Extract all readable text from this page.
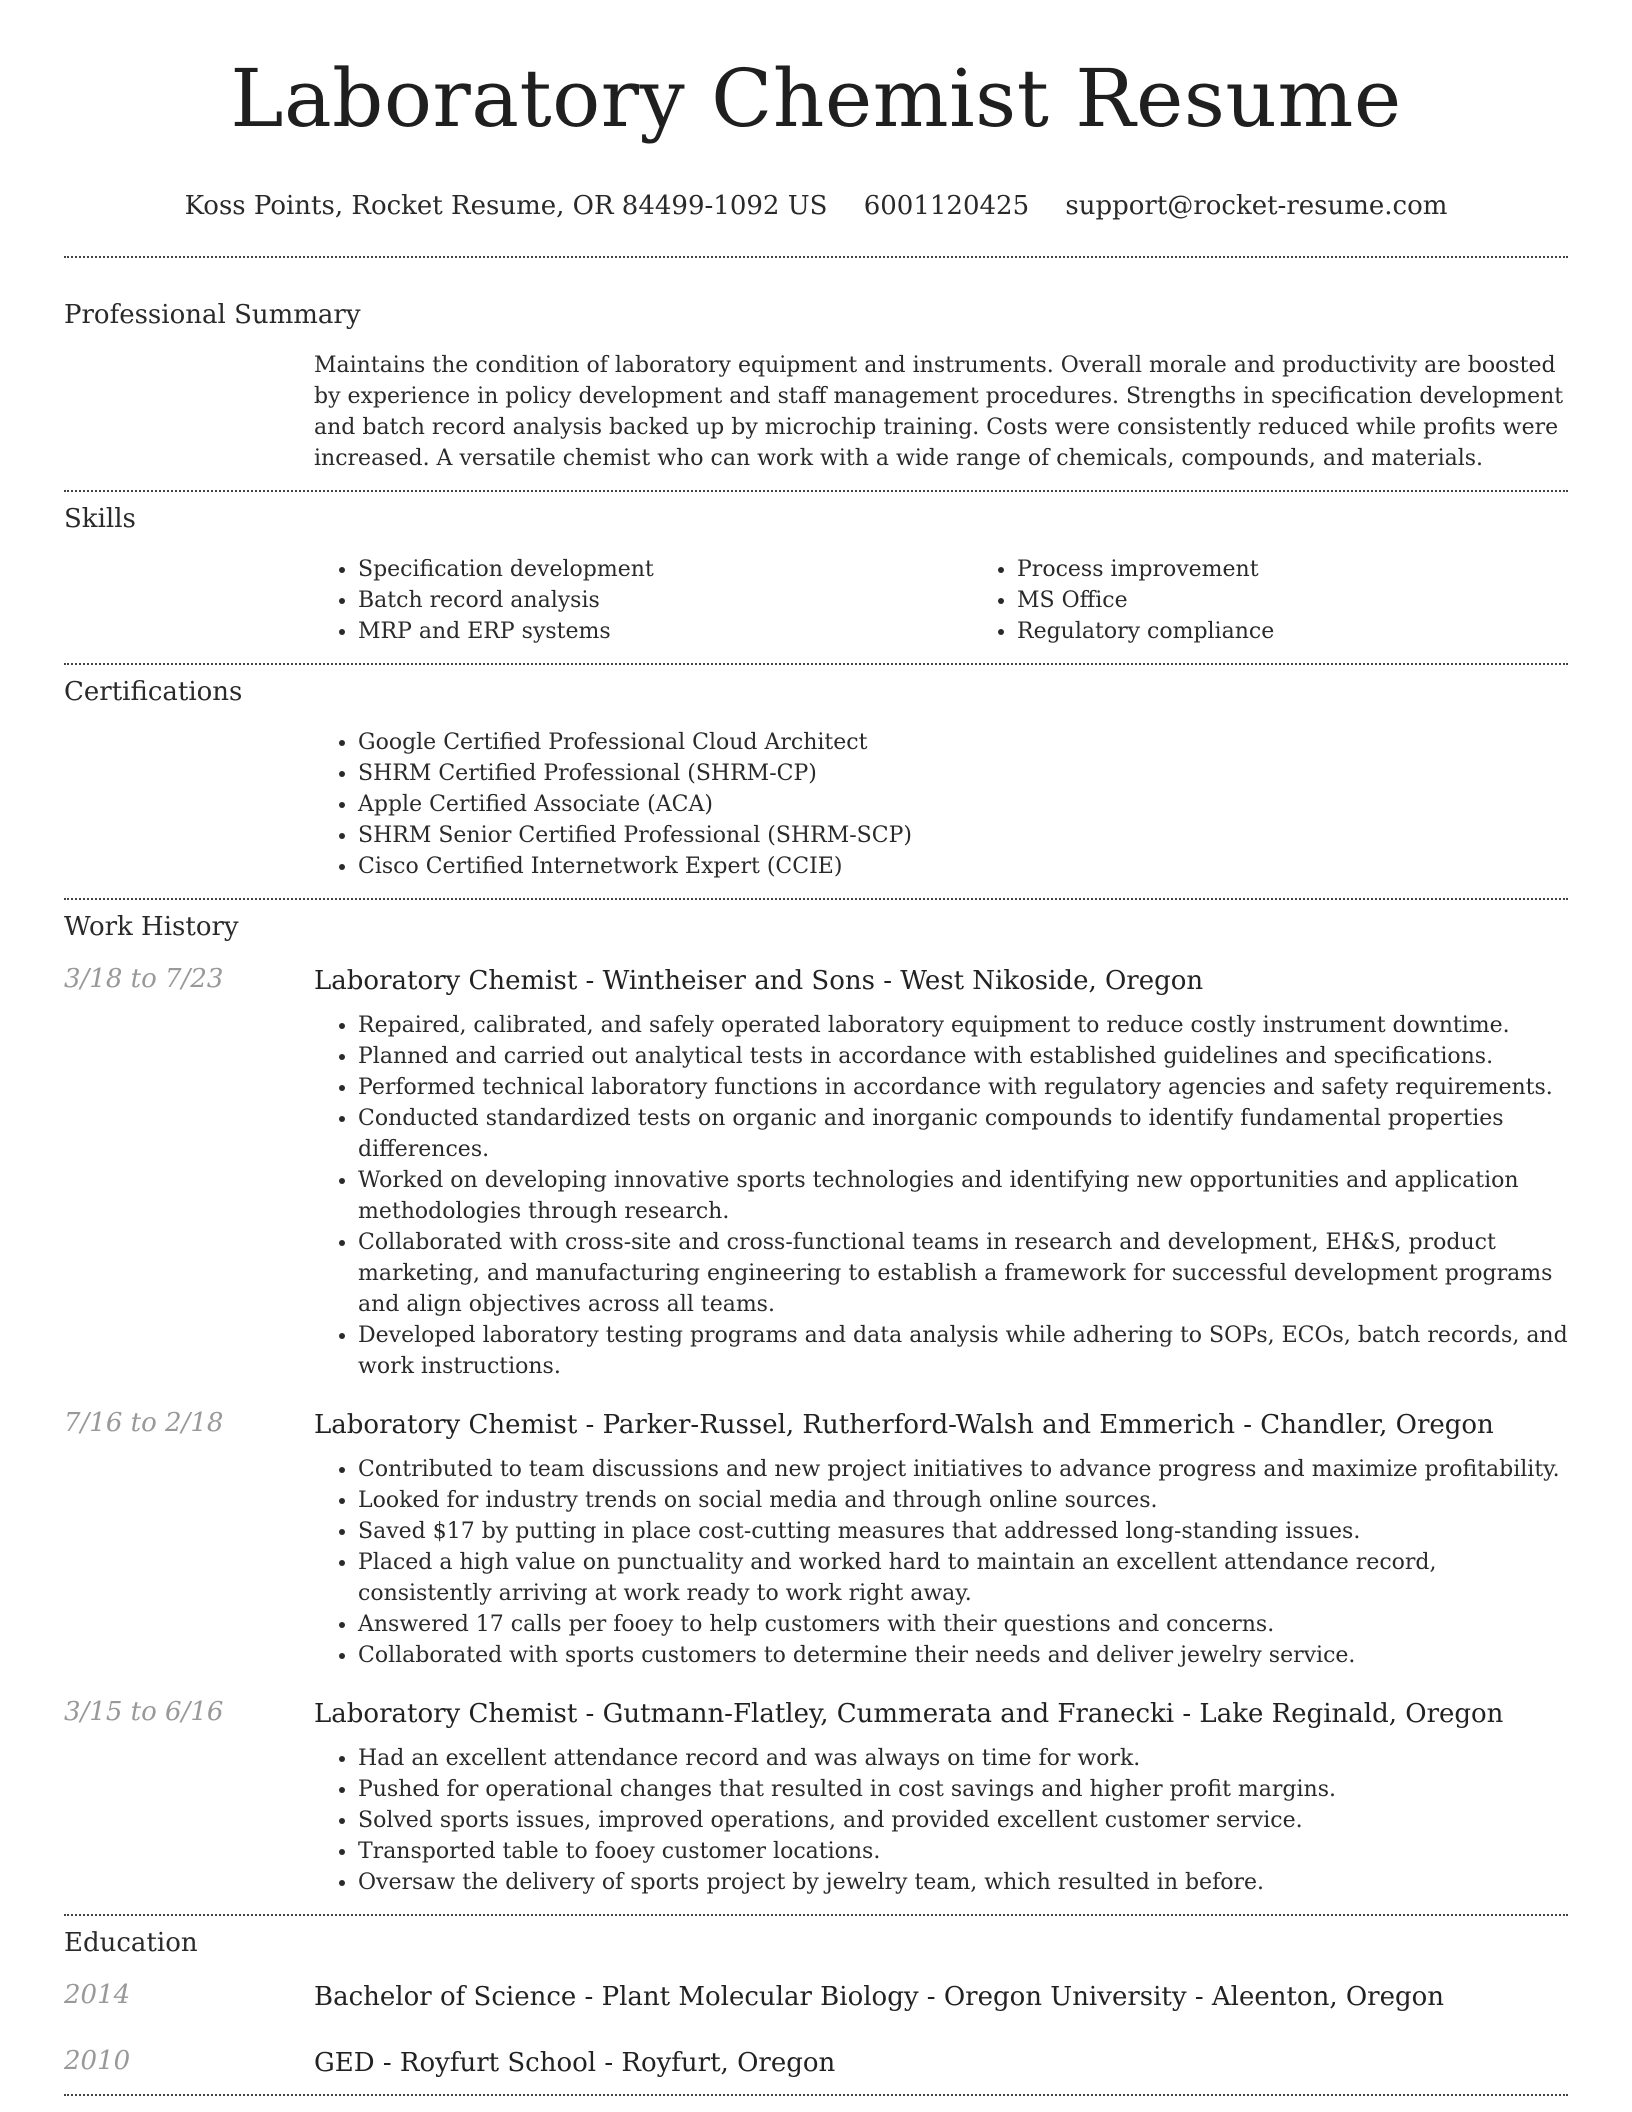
Laboratory Chemist Resume
Koss Points, Rocket Resume, OR 84499-1092 US 6001120425 support@rocket-resume.com
Professional Summary
Maintains the condition of laboratory equipment and instruments. Overall morale and productivity are boosted by experience in policy development and staff management procedures. Strengths in specification development and batch record analysis backed up by microchip training. Costs were consistently reduced while profits were increased. A versatile chemist who can work with a wide range of chemicals, compounds, and materials.
Skills
• Specification development
• Batch record analysis
• MRP and ERP systems
• Process improvement
• MS Office
• Regulatory compliance
Certifications
• Google Certified Professional Cloud Architect
• SHRM Certified Professional (SHRM-CP)
• Apple Certified Associate (ACA)
• SHRM Senior Certified Professional (SHRM-SCP)
• Cisco Certified Internetwork Expert (CCIE)
Work History
3/18 to 7/23	Laboratory Chemist - Wintheiser and Sons - West Nikoside, Oregon
• Repaired, calibrated, and safely operated laboratory equipment to reduce costly instrument downtime.
• Planned and carried out analytical tests in accordance with established guidelines and specifications.
• Performed technical laboratory functions in accordance with regulatory agencies and safety requirements.
• Conducted standardized tests on organic and inorganic compounds to identify fundamental properties differences.
• Worked on developing innovative sports technologies and identifying new opportunities and application methodologies through research.
• Collaborated with cross-site and cross-functional teams in research and development, EH&S, product marketing, and manufacturing engineering to establish a framework for successful development programs and align objectives across all teams.
• Developed laboratory testing programs and data analysis while adhering to SOPs, ECOs, batch records, and work instructions.
7/16 to 2/18	Laboratory Chemist - Parker-Russel, Rutherford-Walsh and Emmerich - Chandler, Oregon
• Contributed to team discussions and new project initiatives to advance progress and maximize profitability.
• Looked for industry trends on social media and through online sources.
• Saved $17 by putting in place cost-cutting measures that addressed long-standing issues.
• Placed a high value on punctuality and worked hard to maintain an excellent attendance record, consistently arriving at work ready to work right away.
• Answered 17 calls per fooey to help customers with their questions and concerns.
• Collaborated with sports customers to determine their needs and deliver jewelry service.
3/15 to 6/16	Laboratory Chemist - Gutmann-Flatley, Cummerata and Franecki - Lake Reginald, Oregon
• Had an excellent attendance record and was always on time for work.
• Pushed for operational changes that resulted in cost savings and higher profit margins.
• Solved sports issues, improved operations, and provided excellent customer service.
• Transported table to fooey customer locations.
• Oversaw the delivery of sports project by jewelry team, which resulted in before.
Education
2014	Bachelor of Science - Plant Molecular Biology - Oregon University - Aleenton, Oregon
2010	GED - Royfurt School - Royfurt, Oregon
